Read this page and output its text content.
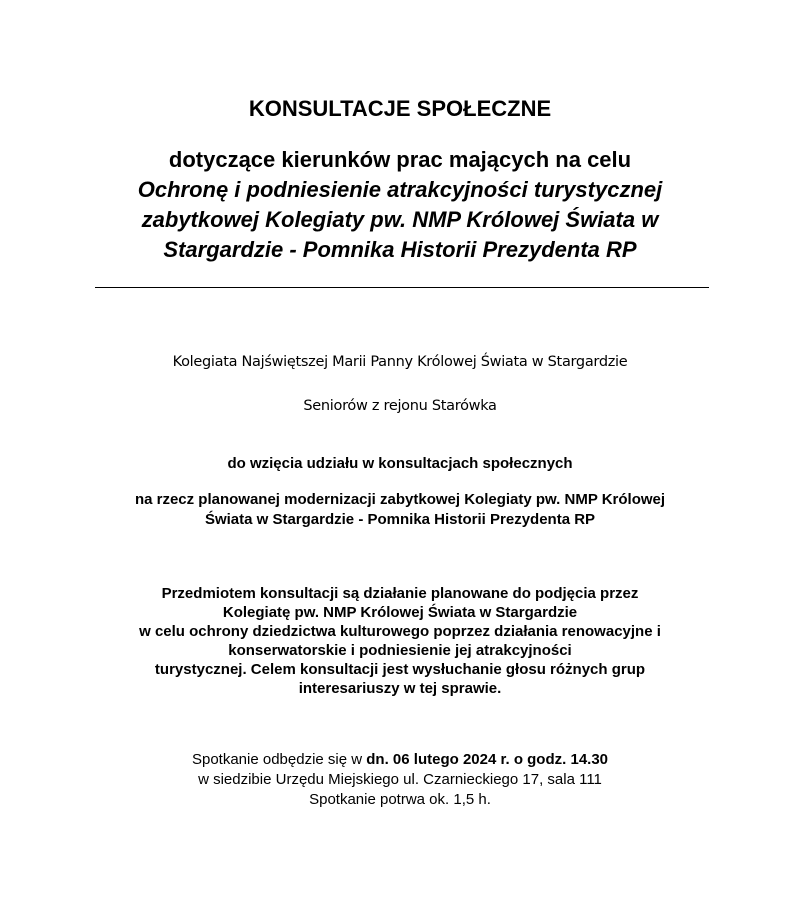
KONSULTACJE SPOŁECZNE
dotyczące kierunków prac mających na celu
Ochronę i podniesienie atrakcyjności turystycznej
zabytkowej Kolegiaty pw. NMP Królowej Świata w
Stargardzie - Pomnika Historii Prezydenta RP
Kolegiata Najświętszej Marii Panny Królowej Świata w Stargardzie
Seniorów z rejonu Starówka
do wzięcia udziału w konsultacjach społecznych
na rzecz planowanej modernizacji zabytkowej Kolegiaty pw. NMP Królowej
Świata w Stargardzie - Pomnika Historii Prezydenta RP
Przedmiotem konsultacji są działanie planowane do podjęcia przez
Kolegiatę pw. NMP Królowej Świata w Stargardzie
w celu ochrony dziedzictwa kulturowego poprzez działania renowacyjne i
konserwatorskie i podniesienie jej atrakcyjności
turystycznej. Celem konsultacji jest wysłuchanie głosu różnych grup
interesariuszy w tej sprawie.
Spotkanie odbędzie się w dn. 06 lutego 2024 r. o godz. 14.30
w siedzibie Urzędu Miejskiego ul. Czarnieckiego 17, sala 111
Spotkanie potrwa ok. 1,5 h.
